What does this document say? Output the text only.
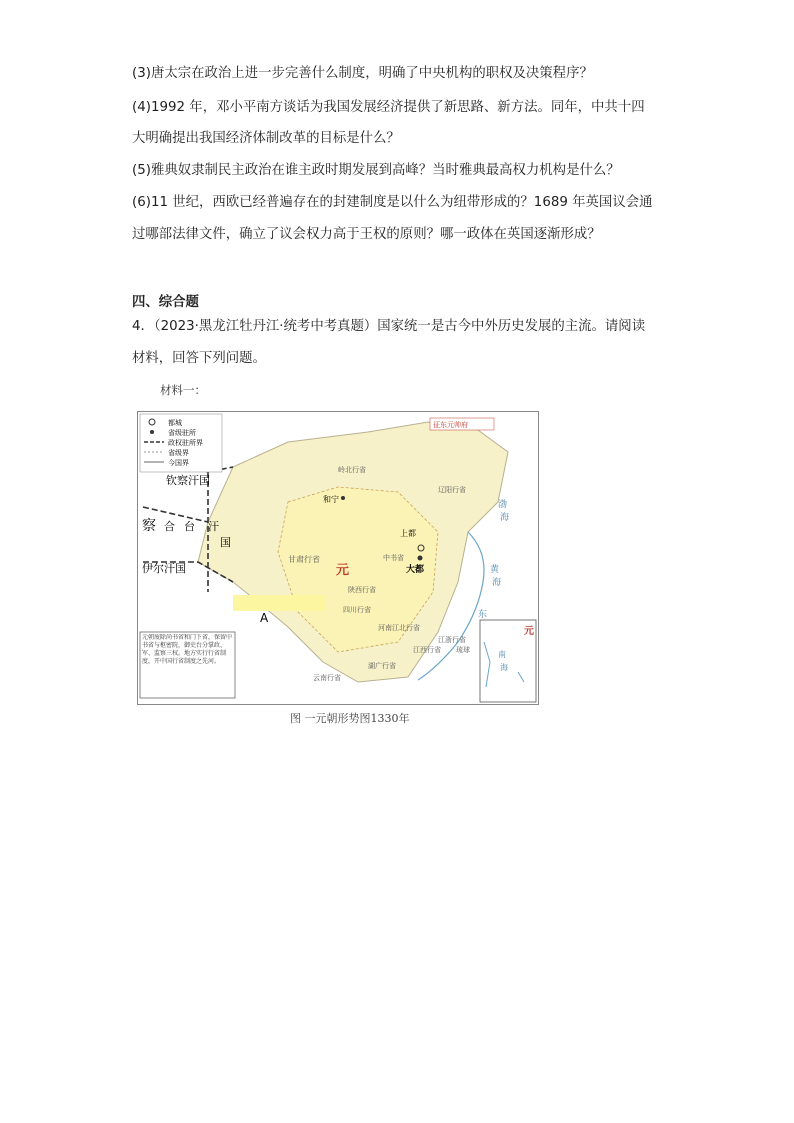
(3)唐太宗在政治上进一步完善什么制度，明确了中央机构的职权及决策程序？
(4)1992 年，邓小平南方谈话为我国发展经济提供了新思路、新方法。同年，中共十四
大明确提出我国经济体制改革的目标是什么？
(5)雅典奴隶制民主政治在谁主政时期发展到高峰？当时雅典最高权力机构是什么？
(6)11 世纪，西欧已经普遍存在的封建制度是以什么为纽带形成的？1689 年英国议会通
过哪部法律文件，确立了议会权力高于王权的原则？哪一政体在英国逐渐形成？
四、综合题
4．（2023·黑龙江牡丹江·统考中考真题）国家统一是古今中外历史发展的主流。请阅读
材料，回答下列问题。
材料一：
都城
省级驻所
政权驻所界
省级界
今国界
钦察汗国
察 合 台 汗
国
伊尔汗国
和宁
上都
大都
元
甘肃行省
陕西行省
河南江北行省
江浙行省
江西行省
湖广行省
云南行省
四川行省
中书省
辽阳行省
岭北行省
A
征东元帅府
琉球
渤
海
黄
海
东
元朝废除尚书省和门下省，保留中书省与枢密院，御史台分掌政、军、监察三权。地方实行行省制度，开中国行省制度之先河。
元
南
海
图 一元朝形势图1330年
